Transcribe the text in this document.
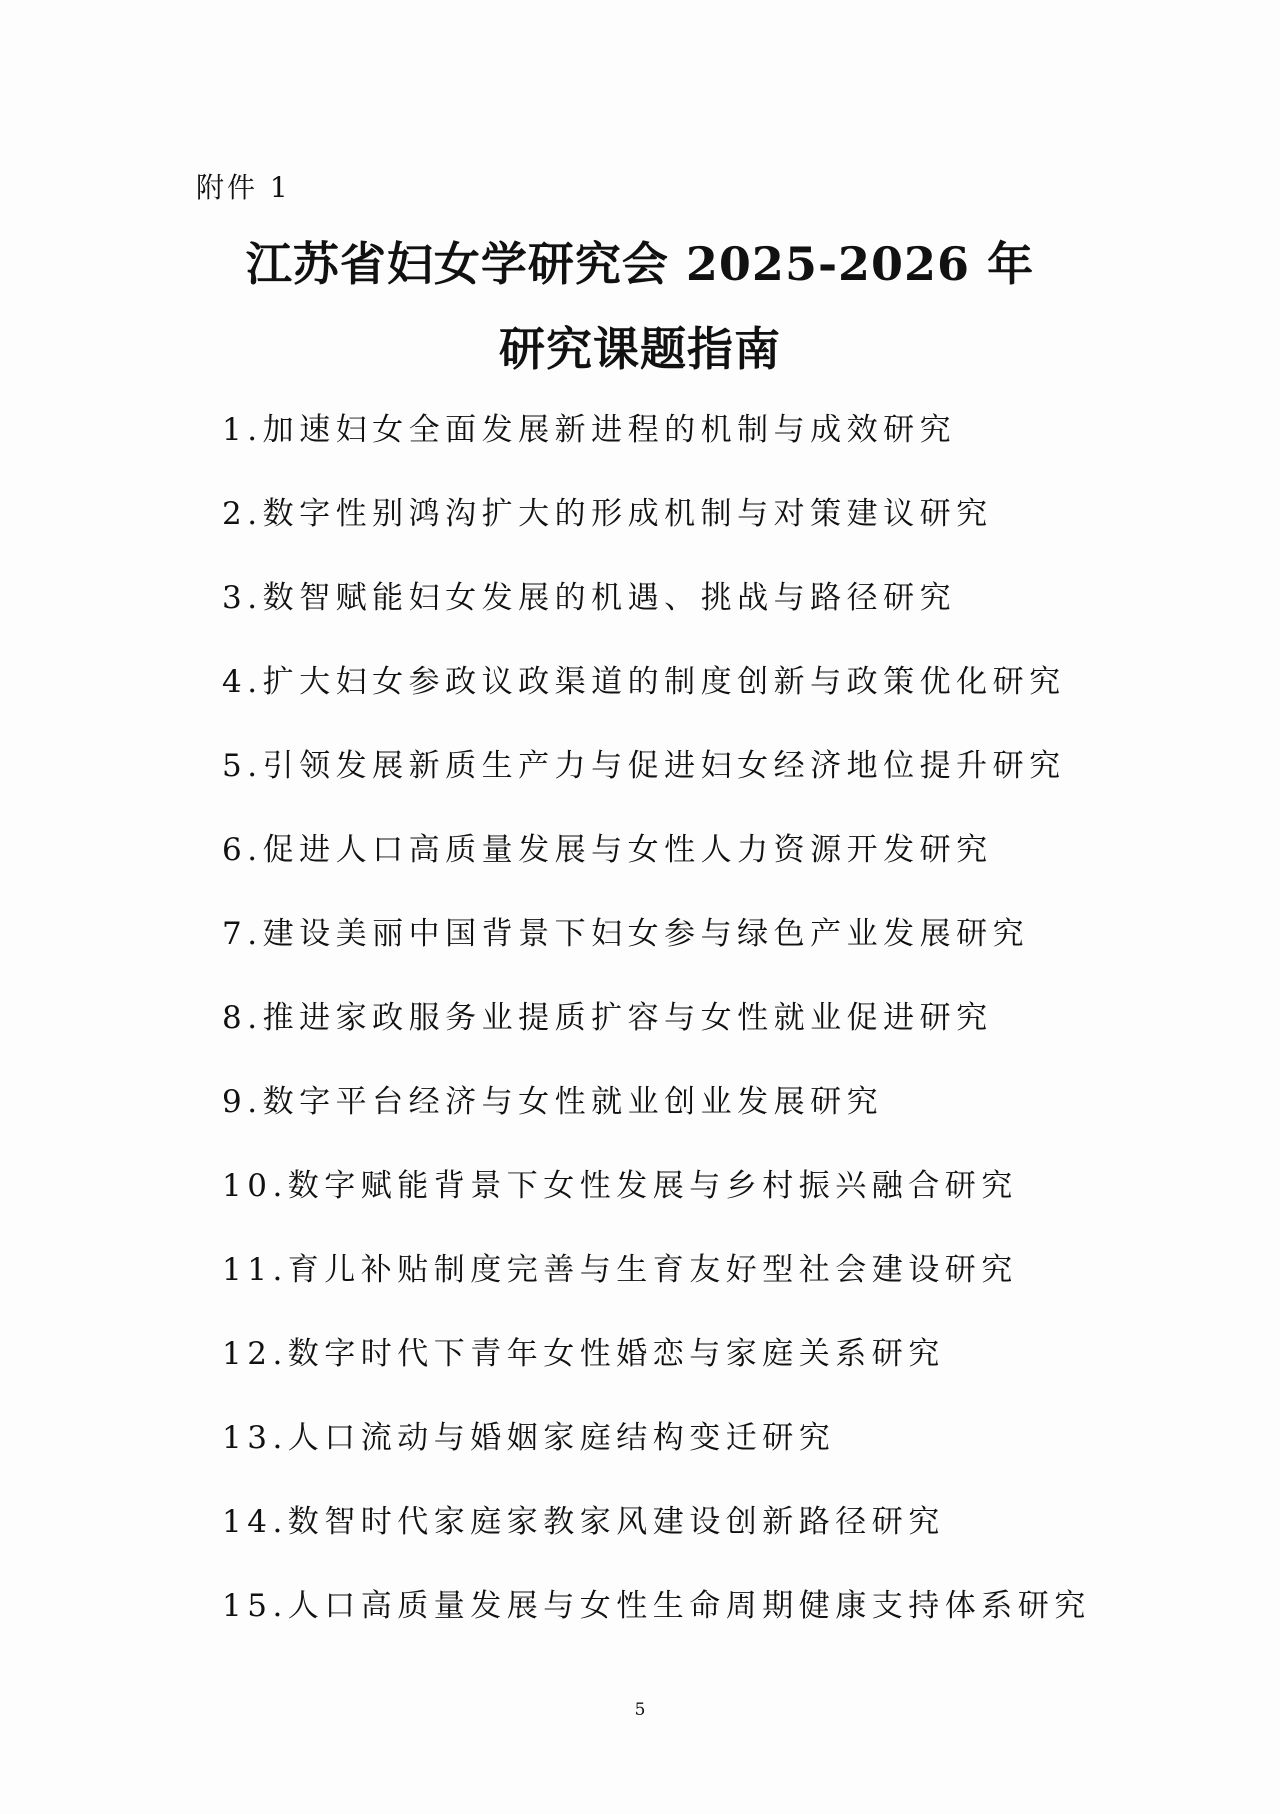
附件 1
江苏省妇女学研究会 2025-2026 年
研究课题指南
1.加速妇女全面发展新进程的机制与成效研究
2.数字性别鸿沟扩大的形成机制与对策建议研究
3.数智赋能妇女发展的机遇、挑战与路径研究
4.扩大妇女参政议政渠道的制度创新与政策优化研究
5.引领发展新质生产力与促进妇女经济地位提升研究
6.促进人口高质量发展与女性人力资源开发研究
7.建设美丽中国背景下妇女参与绿色产业发展研究
8.推进家政服务业提质扩容与女性就业促进研究
9.数字平台经济与女性就业创业发展研究
10.数字赋能背景下女性发展与乡村振兴融合研究
11.育儿补贴制度完善与生育友好型社会建设研究
12.数字时代下青年女性婚恋与家庭关系研究
13.人口流动与婚姻家庭结构变迁研究
14.数智时代家庭家教家风建设创新路径研究
15.人口高质量发展与女性生命周期健康支持体系研究
5
